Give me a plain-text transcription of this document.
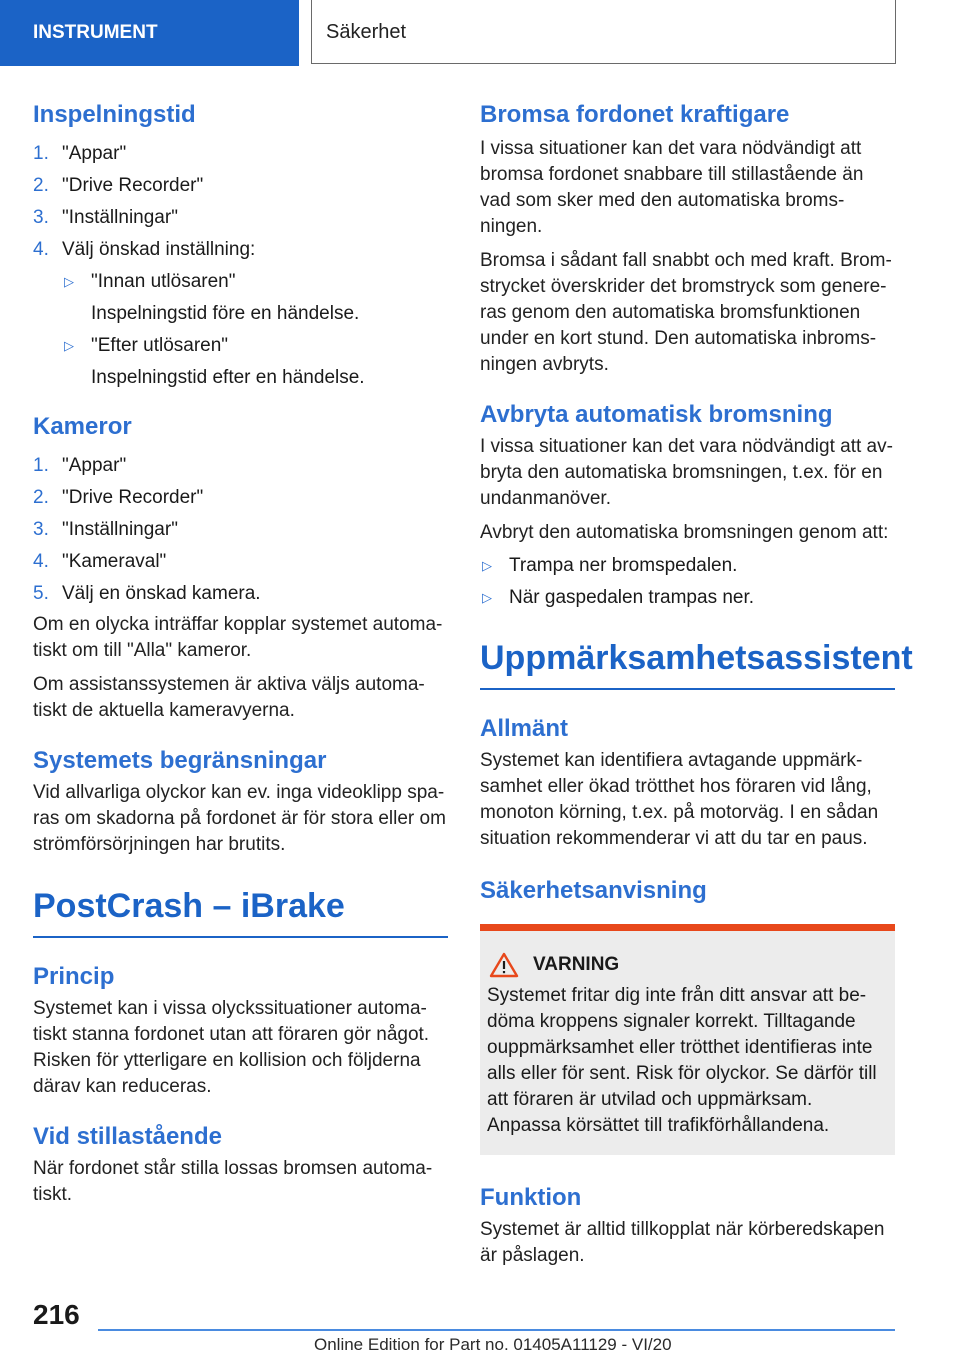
INSTRUMENT	Säkerhet
Inspelningstid
1. "Appar"
2. "Drive Recorder"
3. "Inställningar"
4. Välj önskad inställning:
▷ "Innan utlösaren"
Inspelningstid före en händelse.
▷ "Efter utlösaren"
Inspelningstid efter en händelse.
Kameror
1. "Appar"
2. "Drive Recorder"
3. "Inställningar"
4. "Kameraval"
5. Välj en önskad kamera.

Om en olycka inträffar kopplar systemet automa-tiskt om till "Alla" kameror.

Om assistanssystemen är aktiva väljs automa-tiskt de aktuella kameravyerna.

Systemets begränsningar

Vid allvarliga olyckor kan ev. inga videoklipp spa-ras om skadorna på fordonet är för stora eller om strömförsörjningen har brutits.

PostCrash – iBrake
Princip

Systemet kan i vissa olyckssituationer automa-tiskt stanna fordonet utan att föraren gör något. Risken för ytterligare en kollision och följderna därav kan reduceras.

Vid stillastående

När fordonet står stilla lossas bromsen automa-tiskt.

Bromsa fordonet kraftigare

I vissa situationer kan det vara nödvändigt att bromsa fordonet snabbare till stillastående än vad som sker med den automatiska broms-ningen.

Bromsa i sådant fall snabbt och med kraft. Brom-strycket överskrider det bromstryck som genere-ras genom den automatiska bromsfunktionen under en kort stund. Den automatiska inbroms-ningen avbryts.

Avbryta automatisk bromsning

I vissa situationer kan det vara nödvändigt att av-bryta den automatiska bromsningen, t.ex. för en undanmanöver.

Avbryt den automatiska bromsningen genom att:

▷ Trampa ner bromspedalen.
▷ När gaspedalen trampas ner.
Uppmärksamhetsassistent
Allmänt

Systemet kan identifiera avtagande uppmärk-samhet eller ökad trötthet hos föraren vid lång, monoton körning, t.ex. på motorväg. I en sådan situation rekommenderar vi att du tar en paus.

Säkerhetsanvisning
VARNING

Systemet fritar dig inte från ditt ansvar att be-döma kroppens signaler korrekt. Tilltagande ouppmärksamhet eller trötthet identifieras inte alls eller för sent. Risk för olyckor. Se därför till att föraren är utvilad och uppmärksam. Anpassa körsättet till trafikförhållandena.

Funktion

Systemet är alltid tillkopplat när körberedskapen är påslagen.

216
Online Edition for Part no. 01405A11129 - VI/20
